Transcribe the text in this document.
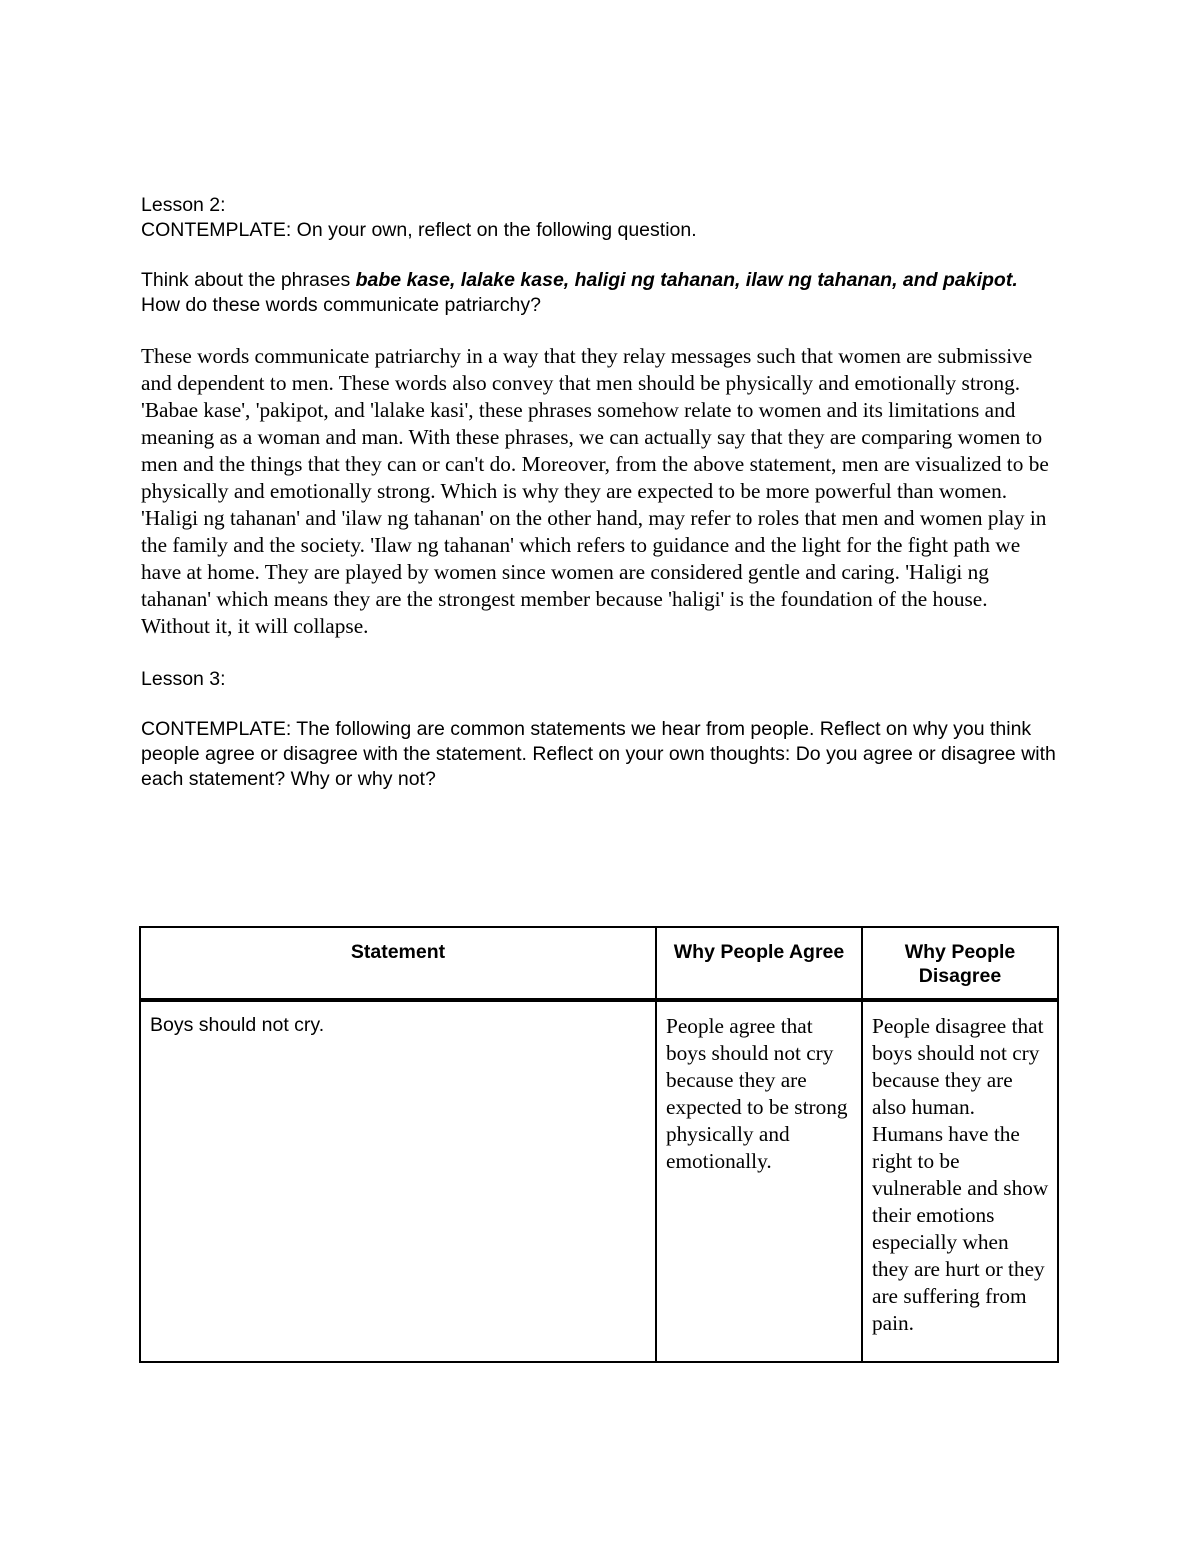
Lesson 2:

CONTEMPLATE: On your own, reflect on the following question.

Think about the phrases babe kase, lalake kase, haligi ng tahanan, ilaw ng tahanan, and pakipot.

How do these words communicate patriarchy?

These words communicate patriarchy in a way that they relay messages such that women are submissive and dependent to men. These words also convey that men should be physically and emotionally strong. 'Babae kase', 'pakipot, and 'lalake kasi', these phrases somehow relate to women and its limitations and meaning as a woman and man. With these phrases, we can actually say that they are comparing women to men and the things that they can or can't do. Moreover, from the above statement, men are visualized to be physically and emotionally strong. Which is why they are expected to be more powerful than women. 'Haligi ng tahanan' and 'ilaw ng tahanan' on the other hand, may refer to roles that men and women play in the family and the society. 'Ilaw ng tahanan' which refers to guidance and the light for the fight path we have at home. They are played by women since women are considered gentle and caring. 'Haligi ng tahanan' which means they are the strongest member because 'haligi' is the foundation of the house. Without it, it will collapse.

Lesson 3:

CONTEMPLATE: The following are common statements we hear from people. Reflect on why you think people agree or disagree with the statement. Reflect on your own thoughts: Do you agree or disagree with each statement? Why or why not?

Statement	Why People Agree	Why People Disagree
Boys should not cry.	People agree that boys should not cry because they are expected to be strong physically and emotionally.	People disagree that boys should not cry because they are also human. Humans have the right to be vulnerable and show their emotions especially when they are hurt or they are suffering from pain.
